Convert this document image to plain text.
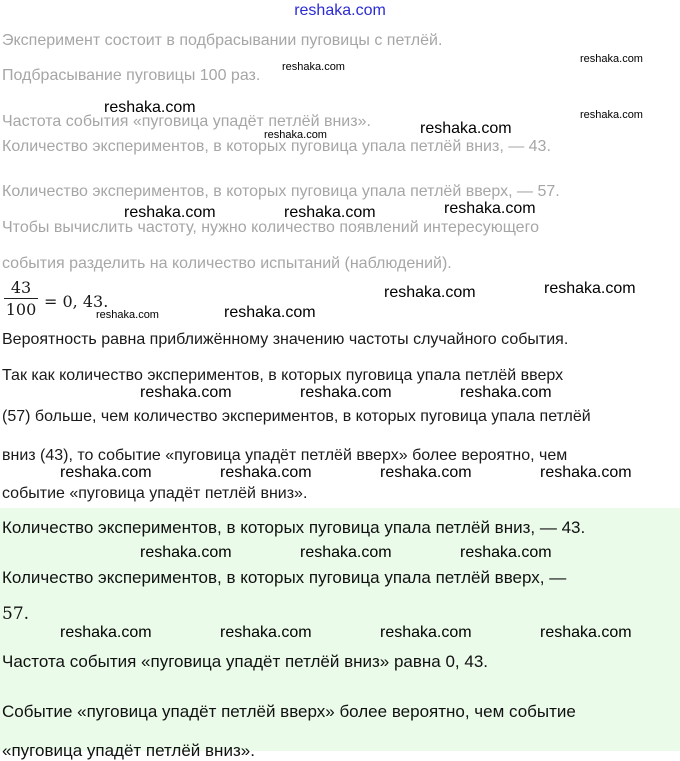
reshaka.com
Эксперимент состоит в подбрасывании пуговицы с петлёй.
Подбрасывание пуговицы 100 раз.
Частота события «пуговица упадёт петлёй вниз».
Количество экспериментов, в которых пуговица упала петлёй вниз, — 43.
Количество экспериментов, в которых пуговица упала петлёй вверх, — 57.
Чтобы вычислить частоту, нужно количество появлений интересующего
события разделить на количество испытаний (наблюдений).
$\frac{43}{100} = 0$, 43.
Вероятность равна приближённому значению частоты случайного события.
Так как количество экспериментов, в которых пуговица упала петлёй вверх
(57) больше, чем количество экспериментов, в которых пуговица упала петлёй
вниз (43), то событие «пуговица упадёт петлёй вверх» более вероятно, чем
событие «пуговица упадёт петлёй вниз».
Количество экспериментов, в которых пуговица упала петлёй вниз, — 43.
Количество экспериментов, в которых пуговица упала петлёй вверх, —
57.
Частота события «пуговица упадёт петлёй вниз» равна 0, 43.
Событие «пуговица упадёт петлёй вверх» более вероятно, чем событие
«пуговица упадёт петлёй вниз».
reshaka.com
reshaka.com
reshaka.com	reshaka.com
reshaka.com	reshaka.com
reshaka.com	reshaka.com	reshaka.com
reshaka.com	reshaka.com
reshaka.com	reshaka.com
reshaka.com	reshaka.com	reshaka.com
reshaka.com	reshaka.com	reshaka.com	reshaka.com
reshaka.com	reshaka.com	reshaka.com
reshaka.com	reshaka.com	reshaka.com	reshaka.com
